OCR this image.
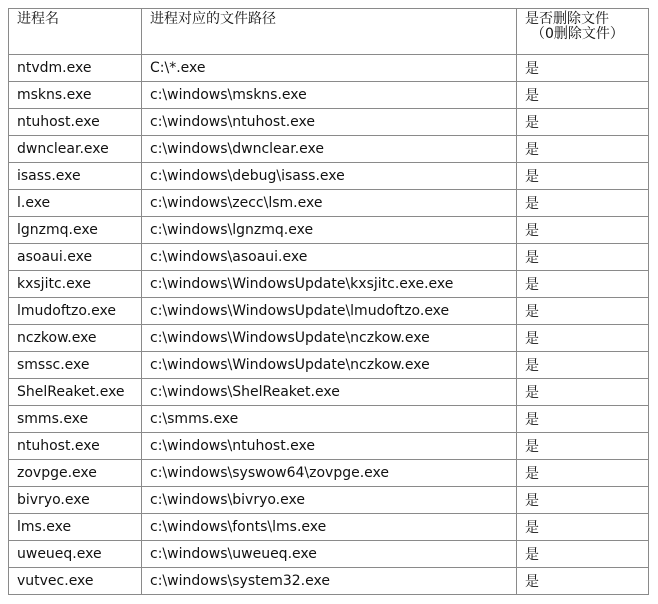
进程名	进程对应的文件路径	是否删除文件
（0删除文件）

ntvdm.exe	C:\*.exe	是
mskns.exe	c:\windows\mskns.exe	是
ntuhost.exe	c:\windows\ntuhost.exe	是
dwnclear.exe	c:\windows\dwnclear.exe	是
isass.exe	c:\windows\debug\isass.exe	是
l.exe	c:\windows\zecc\lsm.exe	是
lgnzmq.exe	c:\windows\lgnzmq.exe	是
asoaui.exe	c:\windows\asoaui.exe	是
kxsjitc.exe	c:\windows\WindowsUpdate\kxsjitc.exe.exe	是
lmudoftzo.exe	c:\windows\WindowsUpdate\lmudoftzo.exe	是
nczkow.exe	c:\windows\WindowsUpdate\nczkow.exe	是
smssc.exe	c:\windows\WindowsUpdate\nczkow.exe	是
ShelReaket.exe	c:\windows\ShelReaket.exe	是
smms.exe	c:\smms.exe	是
ntuhost.exe	c:\windows\ntuhost.exe	是
zovpge.exe	c:\windows\syswow64\zovpge.exe	是
bivryo.exe	c:\windows\bivryo.exe	是
lms.exe	c:\windows\fonts\lms.exe	是
uweueq.exe	c:\windows\uweueq.exe	是
vutvec.exe	c:\windows\system32.exe	是
